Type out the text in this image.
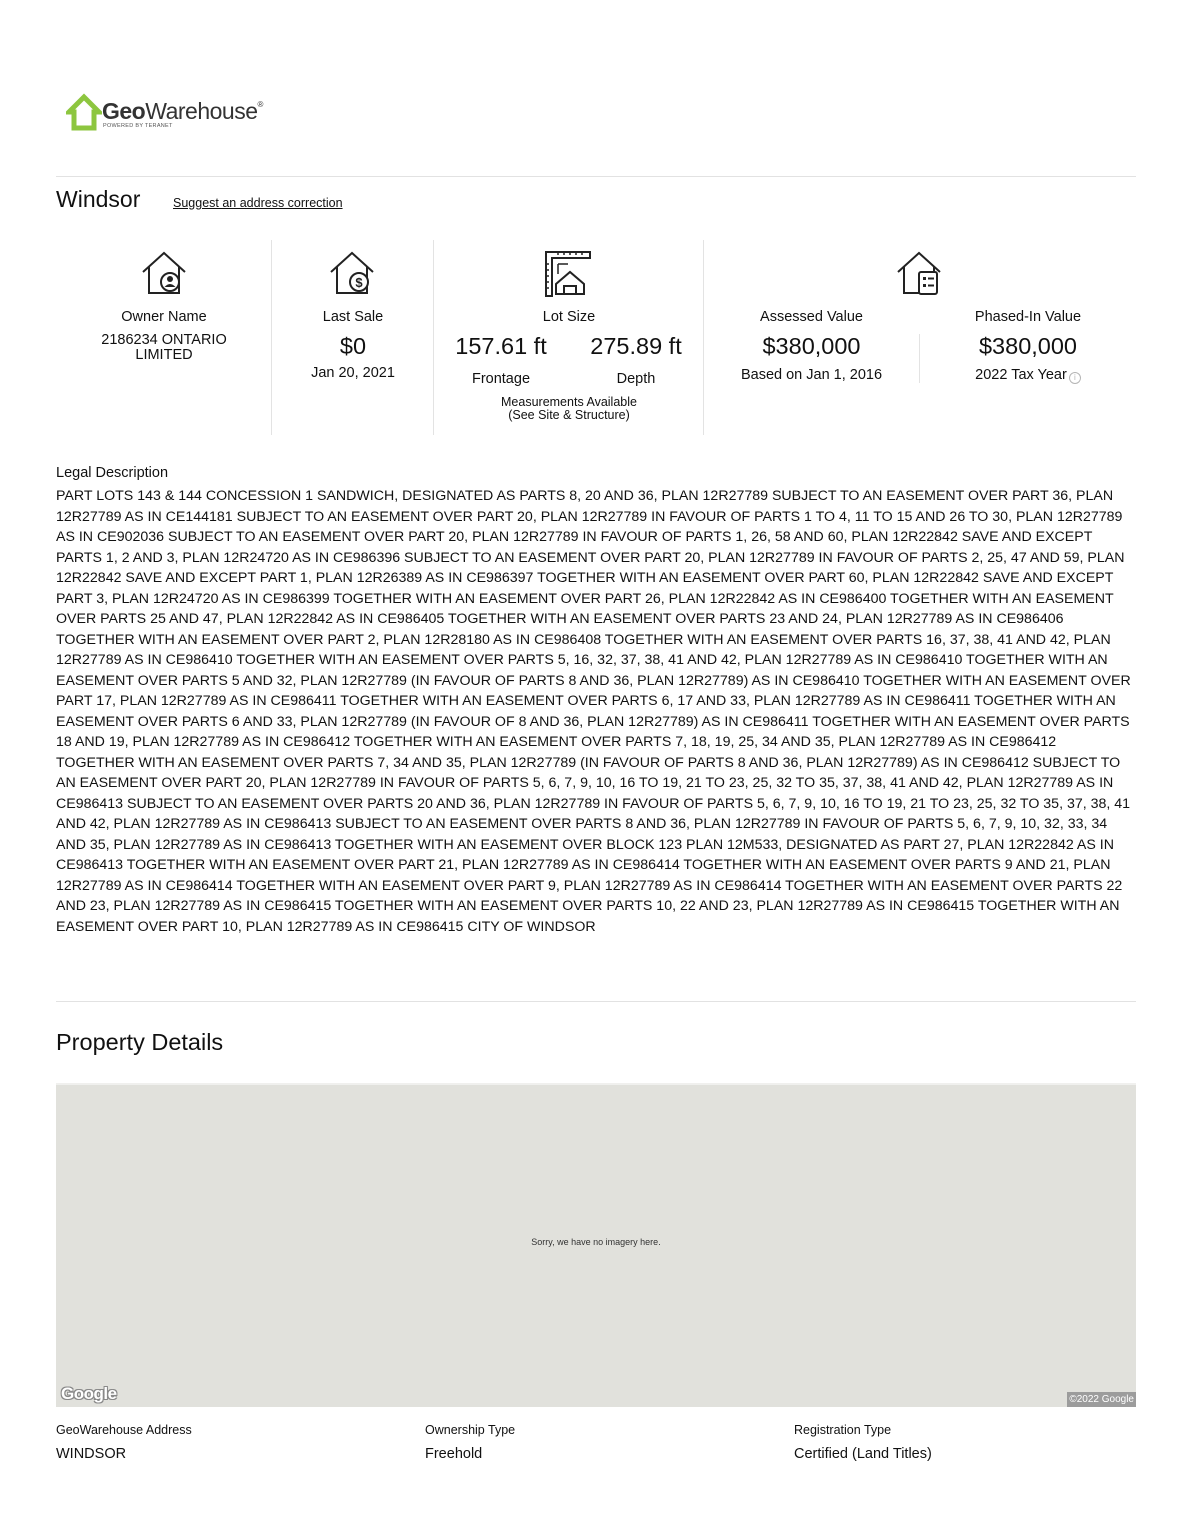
GeoWarehouse®
POWERED BY TERANET
Windsor	Suggest an address correction
Owner Name
2186234 ONTARIO
LIMITED
$
Last Sale
$0
Jan 20, 2021
Lot Size
157.61 ft	275.89 ft
Frontage	Depth
Measurements Available
(See Site & Structure)
Assessed Value
$380,000
Based on Jan 1, 2016
Phased-In Value
$380,000
2022 Tax Year i
Legal Description
PART LOTS 143 & 144 CONCESSION 1 SANDWICH, DESIGNATED AS PARTS 8, 20 AND 36, PLAN 12R27789 SUBJECT TO AN EASEMENT OVER PART 36, PLAN 12R27789 AS IN CE144181 SUBJECT TO AN EASEMENT OVER PART 20, PLAN 12R27789 IN FAVOUR OF PARTS 1 TO 4, 11 TO 15 AND 26 TO 30, PLAN 12R27789 AS IN CE902036 SUBJECT TO AN EASEMENT OVER PART 20, PLAN 12R27789 IN FAVOUR OF PARTS 1, 26, 58 AND 60, PLAN 12R22842 SAVE AND EXCEPT PARTS 1, 2 AND 3, PLAN 12R24720 AS IN CE986396 SUBJECT TO AN EASEMENT OVER PART 20, PLAN 12R27789 IN FAVOUR OF PARTS 2, 25, 47 AND 59, PLAN 12R22842 SAVE AND EXCEPT PART 1, PLAN 12R26389 AS IN CE986397 TOGETHER WITH AN EASEMENT OVER PART 60, PLAN 12R22842 SAVE AND EXCEPT PART 3, PLAN 12R24720 AS IN CE986399 TOGETHER WITH AN EASEMENT OVER PART 26, PLAN 12R22842 AS IN CE986400 TOGETHER WITH AN EASEMENT OVER PARTS 25 AND 47, PLAN 12R22842 AS IN CE986405 TOGETHER WITH AN EASEMENT OVER PARTS 23 AND 24, PLAN 12R27789 AS IN CE986406 TOGETHER WITH AN EASEMENT OVER PART 2, PLAN 12R28180 AS IN CE986408 TOGETHER WITH AN EASEMENT OVER PARTS 16, 37, 38, 41 AND 42, PLAN 12R27789 AS IN CE986410 TOGETHER WITH AN EASEMENT OVER PARTS 5, 16, 32, 37, 38, 41 AND 42, PLAN 12R27789 AS IN CE986410 TOGETHER WITH AN EASEMENT OVER PARTS 5 AND 32, PLAN 12R27789 (IN FAVOUR OF PARTS 8 AND 36, PLAN 12R27789) AS IN CE986410 TOGETHER WITH AN EASEMENT OVER PART 17, PLAN 12R27789 AS IN CE986411 TOGETHER WITH AN EASEMENT OVER PARTS 6, 17 AND 33, PLAN 12R27789 AS IN CE986411 TOGETHER WITH AN EASEMENT OVER PARTS 6 AND 33, PLAN 12R27789 (IN FAVOUR OF 8 AND 36, PLAN 12R27789) AS IN CE986411 TOGETHER WITH AN EASEMENT OVER PARTS 18 AND 19, PLAN 12R27789 AS IN CE986412 TOGETHER WITH AN EASEMENT OVER PARTS 7, 18, 19, 25, 34 AND 35, PLAN 12R27789 AS IN CE986412 TOGETHER WITH AN EASEMENT OVER PARTS 7, 34 AND 35, PLAN 12R27789 (IN FAVOUR OF PARTS 8 AND 36, PLAN 12R27789) AS IN CE986412 SUBJECT TO AN EASEMENT OVER PART 20, PLAN 12R27789 IN FAVOUR OF PARTS 5, 6, 7, 9, 10, 16 TO 19, 21 TO 23, 25, 32 TO 35, 37, 38, 41 AND 42, PLAN 12R27789 AS IN CE986413 SUBJECT TO AN EASEMENT OVER PARTS 20 AND 36, PLAN 12R27789 IN FAVOUR OF PARTS 5, 6, 7, 9, 10, 16 TO 19, 21 TO 23, 25, 32 TO 35, 37, 38, 41 AND 42, PLAN 12R27789 AS IN CE986413 SUBJECT TO AN EASEMENT OVER PARTS 8 AND 36, PLAN 12R27789 IN FAVOUR OF PARTS 5, 6, 7, 9, 10, 32, 33, 34 AND 35, PLAN 12R27789 AS IN CE986413 TOGETHER WITH AN EASEMENT OVER BLOCK 123 PLAN 12M533, DESIGNATED AS PART 27, PLAN 12R22842 AS IN CE986413 TOGETHER WITH AN EASEMENT OVER PART 21, PLAN 12R27789 AS IN CE986414 TOGETHER WITH AN EASEMENT OVER PARTS 9 AND 21, PLAN 12R27789 AS IN CE986414 TOGETHER WITH AN EASEMENT OVER PART 9, PLAN 12R27789 AS IN CE986414 TOGETHER WITH AN EASEMENT OVER PARTS 22 AND 23, PLAN 12R27789 AS IN CE986415 TOGETHER WITH AN EASEMENT OVER PARTS 10, 22 AND 23, PLAN 12R27789 AS IN CE986415 TOGETHER WITH AN EASEMENT OVER PART 10, PLAN 12R27789 AS IN CE986415 CITY OF WINDSOR
Property Details
Sorry, we have no imagery here.
Google	©2022 Google
GeoWarehouse Address
WINDSOR
Ownership Type
Freehold
Registration Type
Certified (Land Titles)
